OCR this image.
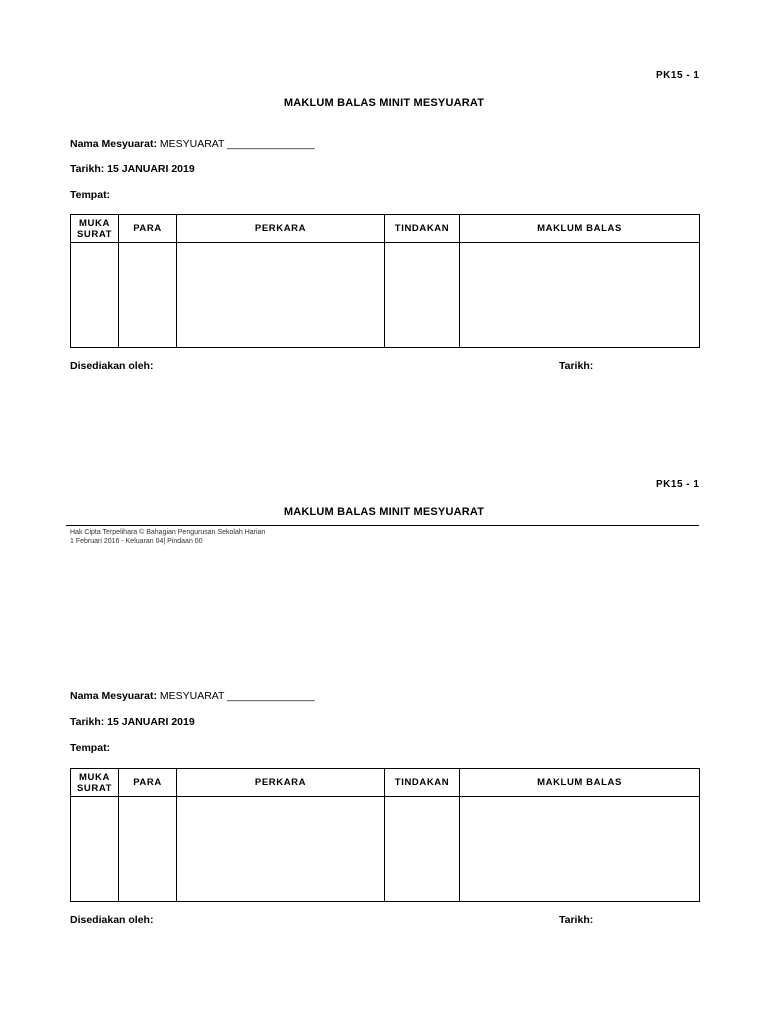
PK15 - 1
MAKLUM BALAS MINIT MESYUARAT
Nama Mesyuarat: MESYUARAT _______________
Tarikh: 15 JANUARI 2019
Tempat:
MUKA SURAT	PARA	PERKARA	TINDAKAN	MAKLUM BALAS

Disediakan oleh:	Tarikh:
PK15 - 1
MAKLUM BALAS MINIT MESYUARAT
Hak Cipta Terpelihara © Bahagian Pengurusan Sekolah Harian
1 Februari 2016 - Keluaran 04| Pindaan 00
Nama Mesyuarat: MESYUARAT _______________
Tarikh: 15 JANUARI 2019
Tempat:
MUKA SURAT	PARA	PERKARA	TINDAKAN	MAKLUM BALAS

Disediakan oleh:	Tarikh:
